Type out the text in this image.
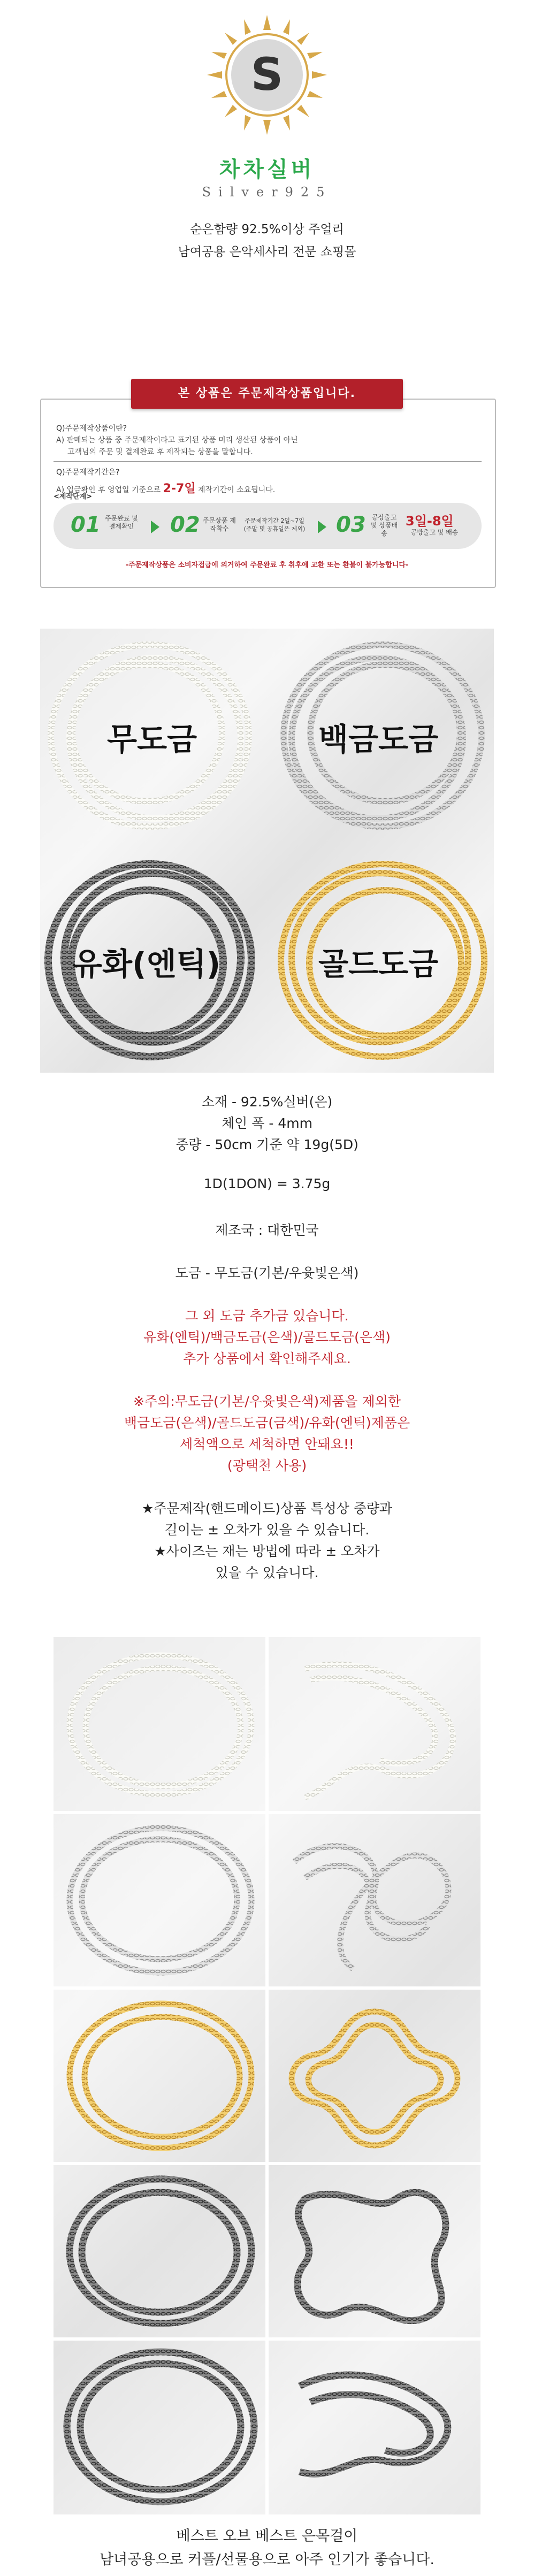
S
차차실버
Silver925
순은함량 92.5%이상 주얼리
남여공용 은악세사리 전문 쇼핑몰
본 상품은 주문제작상품입니다.
Q)주문제작상품이란?
A) 판매되는 상품 중 주문제작이라고 표기된 상품 미리 생산된 상품이 아닌
고객님의 주문 및 결제완료 후 제작되는 상품을 말합니다.
Q)주문제작기간은?
A) 입금확인 후 영업일 기준으로 2-7일 제작기간이 소요됩니다.
<제작단계>
01 주문완료 및 결제확인 02 주문상품 제작착수
주문제작기간 2일~7일 (주말 및 공휴일은 제외) 03 공장출고 및 상품배송
3일-8일
공방출고 및 배송
-주문제작상품은 소비자접급에 의거하여 주문완료 후 취후에 교환 또는 환불이 불가능합니다-
무도금	백금도금
유화(엔틱)	골드도금
소재 - 92.5%실버(은)
체인 폭 - 4mm
중량 - 50cm 기준 약 19g(5D)
1D(1DON) = 3.75g
제조국 : 대한민국
도금 - 무도금(기본/우윳빛은색)
그 외 도금 추가금 있습니다.
유화(엔틱)/백금도금(은색)/골드도금(은색)
추가 상품에서 확인해주세요.
※주의:무도금(기본/우윳빛은색)제품을 제외한
백금도금(은색)/골드도금(금색)/유화(엔틱)제품은
세척액으로 세척하면 안돼요!!
(광택천 사용)
★주문제작(핸드메이드)상품 특성상 중량과
길이는 ± 오차가 있을 수 있습니다.
★사이즈는 재는 방법에 따라 ± 오차가
있을 수 있습니다.
베스트 오브 베스트 은목걸이
남녀공용으로 커플/선물용으로 아주 인기가 좋습니다.
